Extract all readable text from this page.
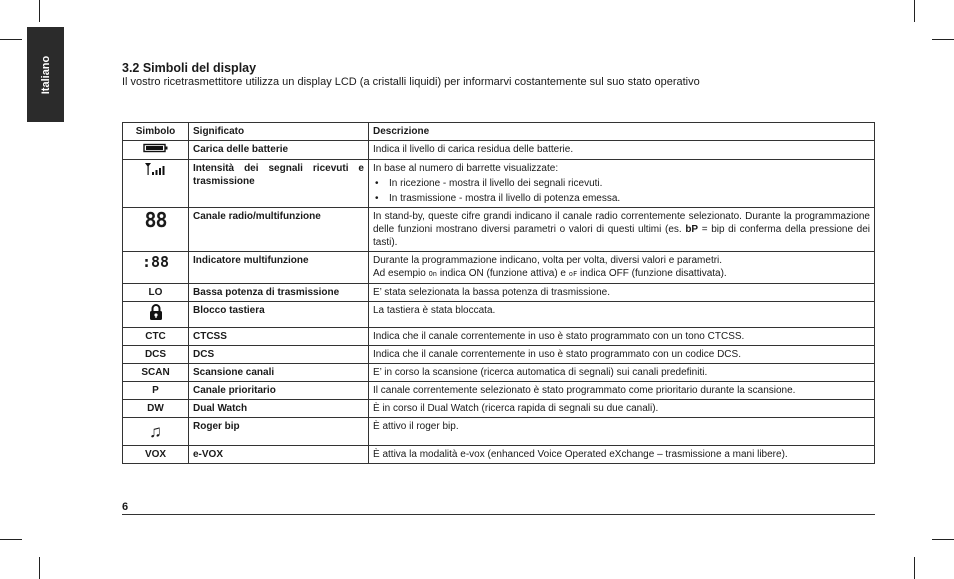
Italiano	3.2 Simboli del display
Il vostro ricetrasmettitore utilizza un display LCD (a cristalli liquidi) per informarvi costantemente sul suo stato operativo
Simbolo	Significato	Descrizione
	Carica delle batterie	Indica il livello di carica residua delle batterie.
	Intensità dei segnali ricevuti e trasmissione	In base al numero di barrette visualizzate:
• In ricezione - mostra il livello dei segnali ricevuti.
• In trasmissione - mostra il livello di potenza emessa.

88	Canale radio/multifunzione	In stand-by, queste cifre grandi indicano il canale radio correntemente selezionato. Durante la programmazione delle funzioni mostrano diversi parametri o valori di questi ultimi (es. bP = bip di conferma della pressione dei tasti).
:88	Indicatore multifunzione	Durante la programmazione indicano, volta per volta, diversi valori e parametri.
Ad esempio On indica ON (funzione attiva) e oF indica OFF (funzione disattivata).

LO	Bassa potenza di trasmissione	E’ stata selezionata la bassa potenza di trasmissione.
	Blocco tastiera	La tastiera è stata bloccata.
CTC	CTCSS	Indica che il canale correntemente in uso è stato programmato con un tono CTCSS.
DCS	DCS	Indica che il canale correntemente in uso è stato programmato con un codice DCS.
SCAN	Scansione canali	E’ in corso la scansione (ricerca automatica di segnali) sui canali predefiniti.
P	Canale prioritario	Il canale correntemente selezionato è stato programmato come prioritario durante la scansione.
DW	Dual Watch	È in corso il Dual Watch (ricerca rapida di segnali su due canali).
♫	Roger bip	È attivo il roger bip.
VOX	e-VOX	È attiva la modalità e-vox (enhanced Voice Operated eXchange – trasmissione a mani libere).
6
